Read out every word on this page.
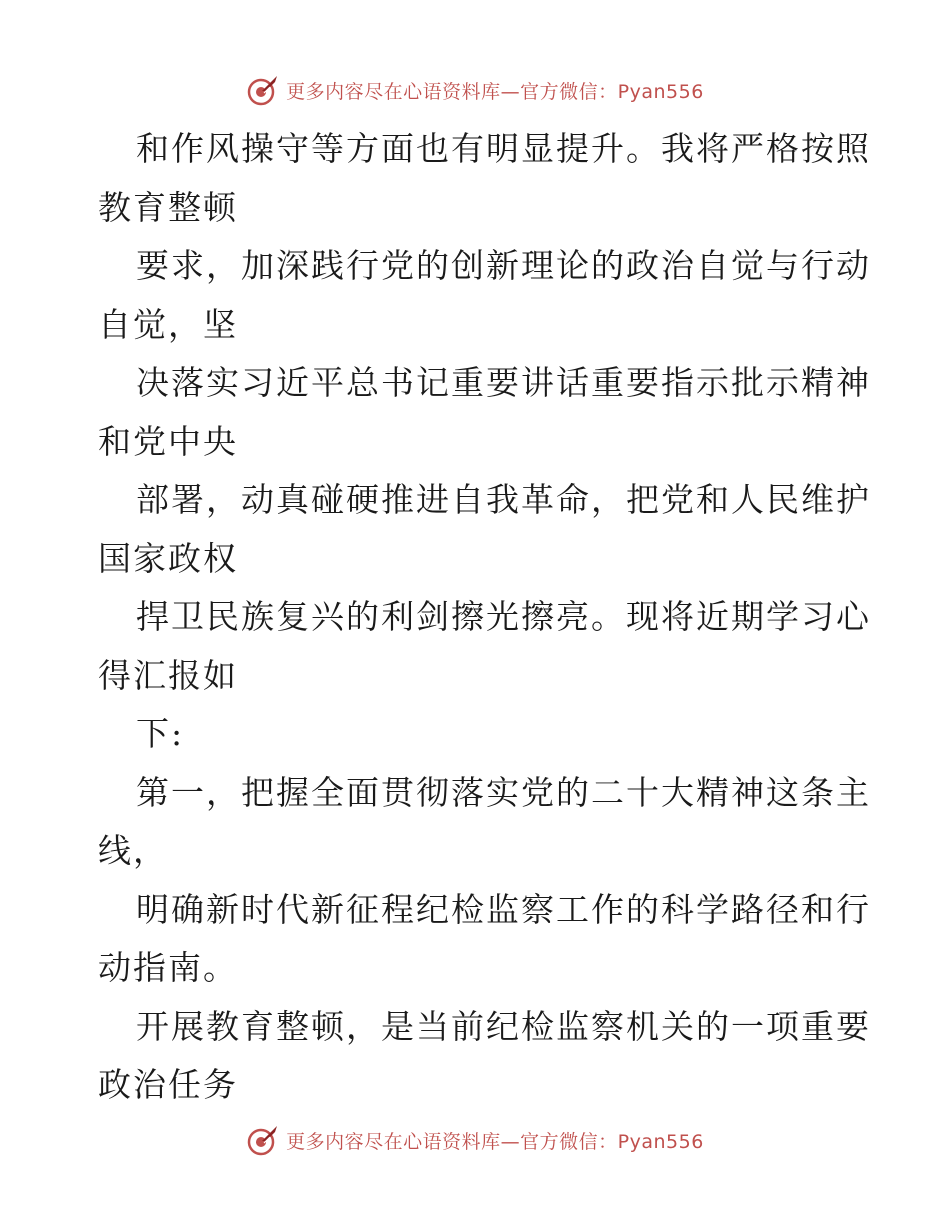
更多内容尽在心语资料库—官方微信：Pyan556
和作风操守等方面也有明显提升。我将严格按照
教育整顿
要求，加深践行党的创新理论的政治自觉与行动
自觉，坚
决落实习近平总书记重要讲话重要指示批示精神
和党中央
部署，动真碰硬推进自我革命，把党和人民维护
国家政权
捍卫民族复兴的利剑擦光擦亮。现将近期学习心
得汇报如
下:
第一，把握全面贯彻落实党的二十大精神这条主
线，
明确新时代新征程纪检监察工作的科学路径和行
动指南。
开展教育整顿，是当前纪检监察机关的一项重要
政治任务
更多内容尽在心语资料库—官方微信：Pyan556
